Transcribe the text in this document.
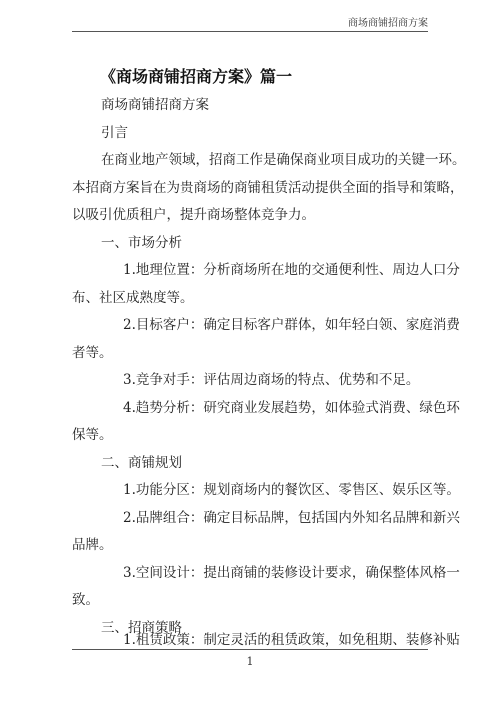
商场商铺招商方案
《商场商铺招商方案》篇一
商场商铺招商方案
引言
在商业地产领域，招商工作是确保商业项目成功的关键一环。
本招商方案旨在为贵商场的商铺租赁活动提供全面的指导和策略，
以吸引优质租户，提升商场整体竞争力。
一、市场分析
1.地理位置：分析商场所在地的交通便利性、周边人口分
布、社区成熟度等。
2.目标客户：确定目标客户群体，如年轻白领、家庭消费
者等。
3.竞争对手：评估周边商场的特点、优势和不足。
4.趋势分析：研究商业发展趋势，如体验式消费、绿色环
保等。
二、商铺规划
1.功能分区：规划商场内的餐饮区、零售区、娱乐区等。
2.品牌组合：确定目标品牌，包括国内外知名品牌和新兴
品牌。
3.空间设计：提出商铺的装修设计要求，确保整体风格一
致。
三、招商策略
1
1.租赁政策：制定灵活的租赁政策，如免租期、装修补贴
